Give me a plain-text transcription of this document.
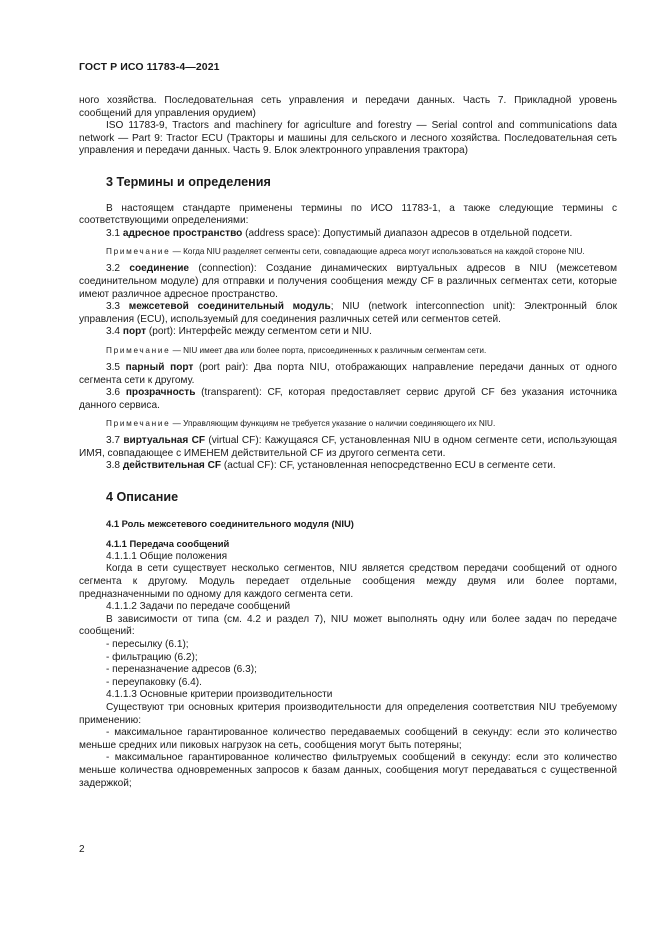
ГОСТ Р ИСО 11783-4—2021

ного хозяйства. Последовательная сеть управления и передачи данных. Часть 7. Прикладной уровень сообщений для управления орудием)

ISO 11783-9, Tractors and machinery for agriculture and forestry — Serial control and communications data network — Part 9: Tractor ECU (Тракторы и машины для сельского и лесного хозяйства. Последовательная сеть управления и передачи данных. Часть 9. Блок электронного управления трактора)

3 Термины и определения

В настоящем стандарте применены термины по ИСО 11783-1, а также следующие термины с соответствующими определениями:

3.1 адресное пространство (address space): Допустимый диапазон адресов в отдельной подсети.

Примечание — Когда NIU разделяет сегменты сети, совпадающие адреса могут использоваться на каждой стороне NIU.

3.2 соединение (connection): Создание динамических виртуальных адресов в NIU (межсетевом соединительном модуле) для отправки и получения сообщения между CF в различных сегментах сети, которые имеют различное адресное пространство.

3.3 межсетевой соединительный модуль; NIU (network interconnection unit): Электронный блок управления (ECU), используемый для соединения различных сетей или сегментов сетей.

3.4 порт (port): Интерфейс между сегментом сети и NIU.

Примечание — NIU имеет два или более порта, присоединенных к различным сегментам сети.

3.5 парный порт (port pair): Два порта NIU, отображающих направление передачи данных от одного сегмента сети к другому.

3.6 прозрачность (transparent): CF, которая предоставляет сервис другой CF без указания источника данного сервиса.

Примечание — Управляющим функциям не требуется указание о наличии соединяющего их NIU.

3.7 виртуальная CF (virtual CF): Кажущаяся CF, установленная NIU в одном сегменте сети, использующая ИМЯ, совпадающее с ИМЕНЕМ действительной CF из другого сегмента сети.

3.8 действительная CF (actual CF): CF, установленная непосредственно ECU в сегменте сети.

4 Описание
4.1 Роль межсетевого соединительного модуля (NIU)
4.1.1 Передача сообщений

4.1.1.1 Общие положения

Когда в сети существует несколько сегментов, NIU является средством передачи сообщений от одного сегмента к другому. Модуль передает отдельные сообщения между двумя или более портами, предназначенными по одному для каждого сегмента сети.

4.1.1.2 Задачи по передаче сообщений

В зависимости от типа (см. 4.2 и раздел 7), NIU может выполнять одну или более задач по передаче сообщений:

- пересылку (6.1);

- фильтрацию (6.2);

- переназначение адресов (6.3);

- переупаковку (6.4).

4.1.1.3 Основные критерии производительности

Существуют три основных критерия производительности для определения соответствия NIU требуемому применению:

- максимальное гарантированное количество передаваемых сообщений в секунду: если это количество меньше средних или пиковых нагрузок на сеть, сообщения могут быть потеряны;

- максимальное гарантированное количество фильтруемых сообщений в секунду: если это количество меньше количества одновременных запросов к базам данных, сообщения могут передаваться с существенной задержкой;

2
